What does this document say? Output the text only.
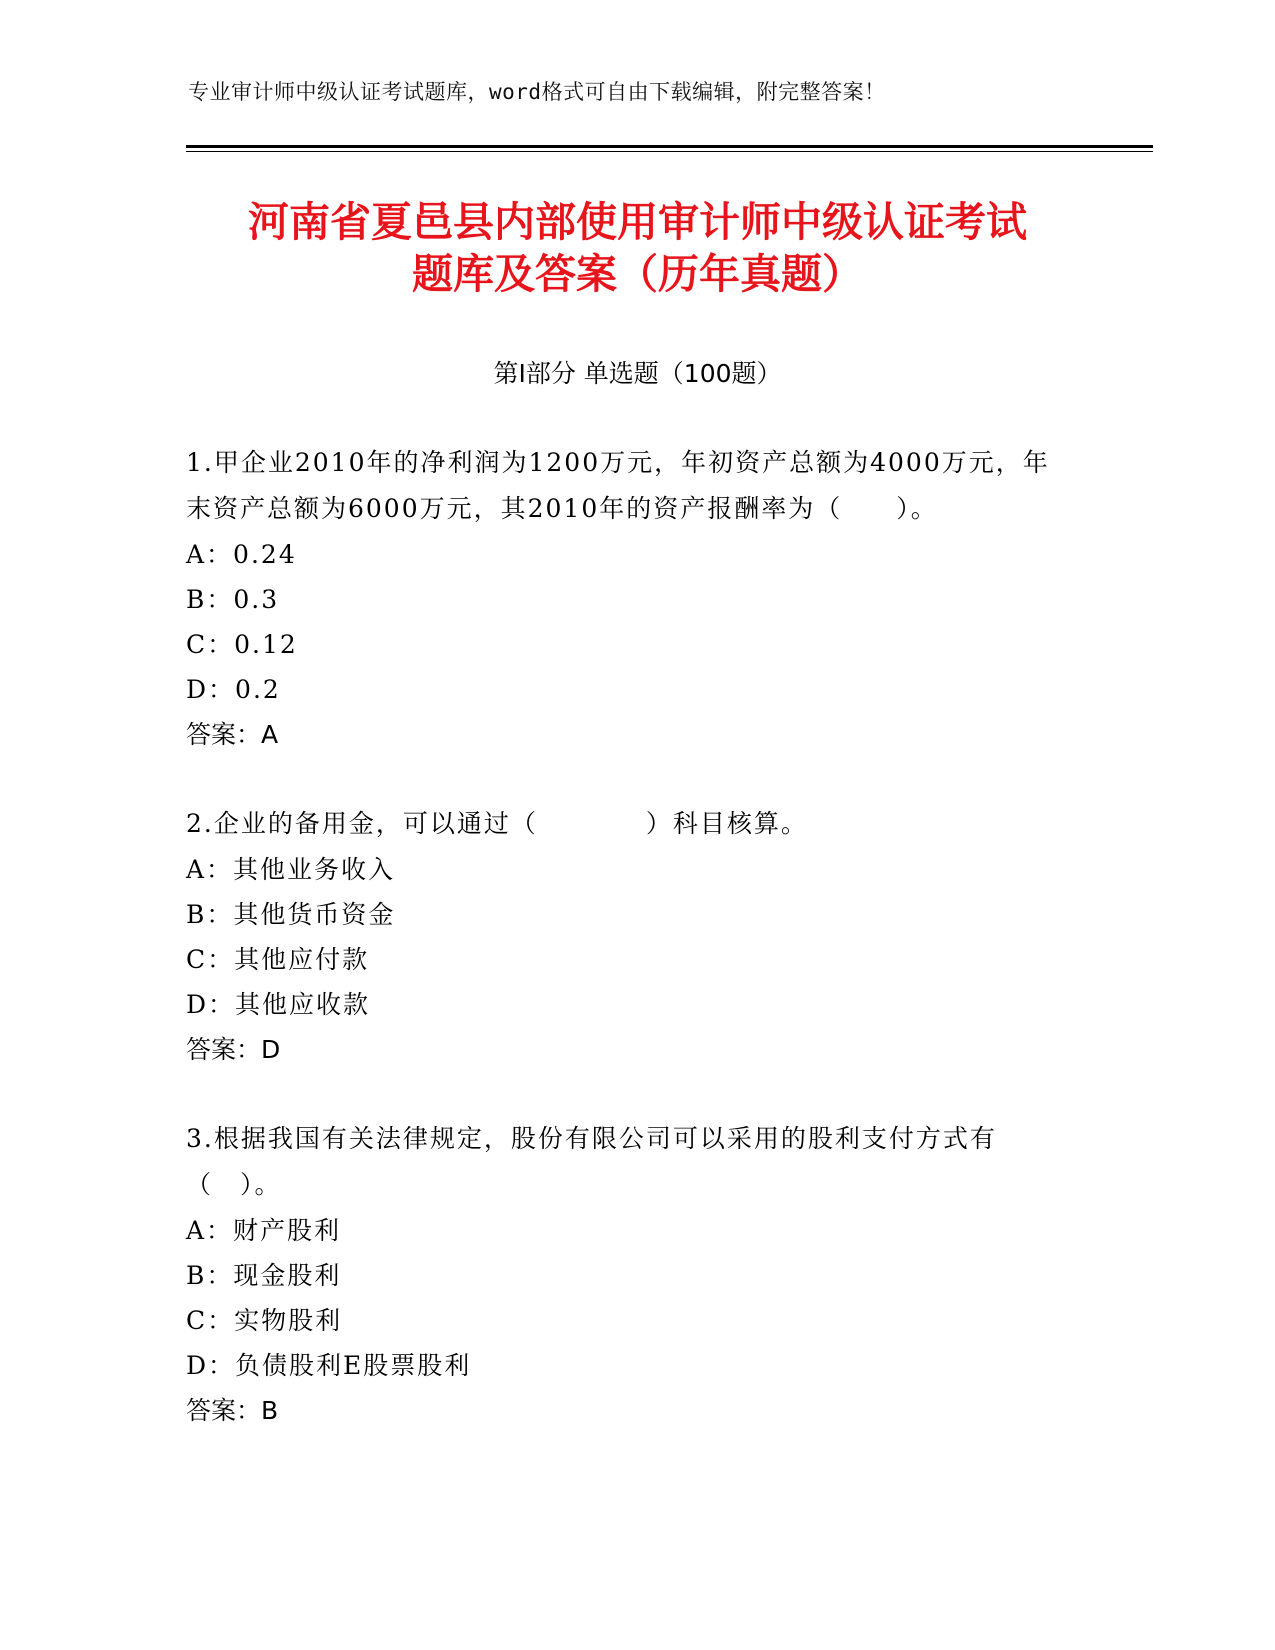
专业审计师中级认证考试题库，word格式可自由下载编辑，附完整答案！
河南省夏邑县内部使用审计师中级认证考试
题库及答案（历年真题）
第Ⅰ部分 单选题（100题）

1.甲企业2010年的净利润为1200万元，年初资产总额为4000万元，年末资产总额为6000万元，其2010年的资产报酬率为（　　）。

A：0.24
B：0.3
C：0.12
D：0.2
答案：A

2.企业的备用金，可以通过（　　　　）科目核算。

A：其他业务收入
B：其他货币资金
C：其他应付款
D：其他应收款
答案：D

3.根据我国有关法律规定，股份有限公司可以采用的股利支付方式有（　）。

A：财产股利
B：现金股利
C：实物股利
D：负债股利E股票股利
答案：B
